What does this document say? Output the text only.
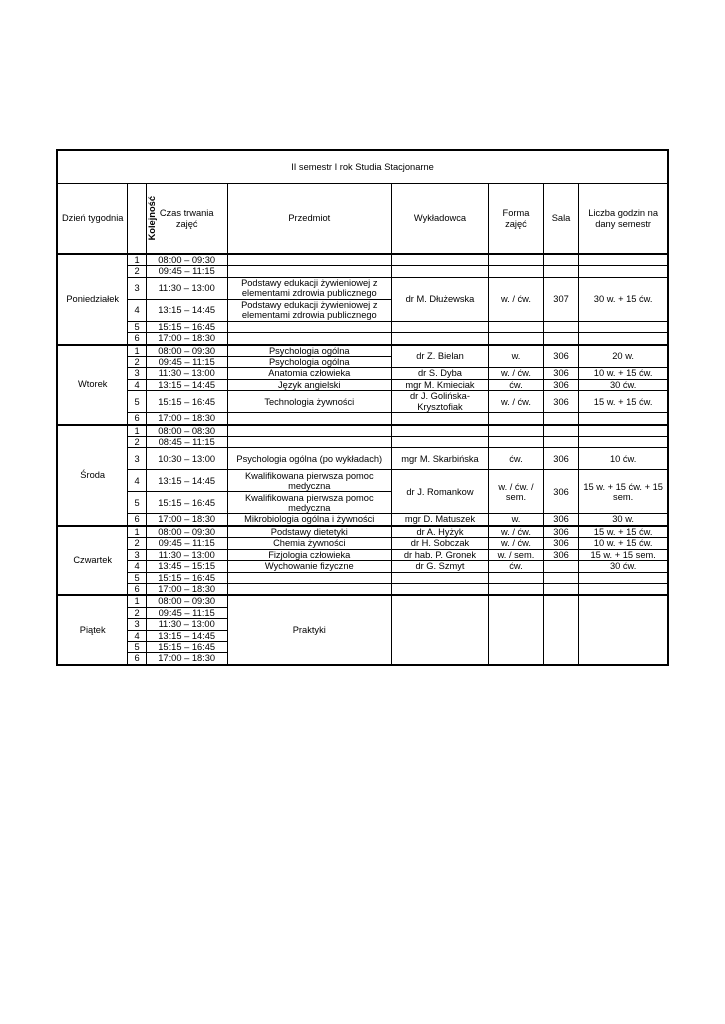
II semestr I rok Studia Stacjonarne							
Dzień tygodnia	Kolejność	Czas trwania zajęć	Przedmiot	Wykładowca	Forma zajęć	Sala	Liczba godzin na dany semestr
Poniedziałek	1	08:00 – 09:30					
	2	09:45 – 11:15					
	3	11:30 – 13:00	Podstawy edukacji żywieniowej z elementami zdrowia publicznego	dr M. Dłużewska	w. / ćw.	307	30 w. + 15 ćw.
	4	13:15 – 14:45	Podstawy edukacji żywieniowej z elementami zdrowia publicznego				
	5	15:15 – 16:45					
	6	17:00 – 18:30					
Wtorek	1	08:00 – 09:30	Psychologia ogólna	dr Z. Bielan	w.	306	20 w.
	2	09:45 – 11:15	Psychologia ogólna				
	3	11:30 – 13:00	Anatomia człowieka	dr S. Dyba	w. / ćw.	306	10 w. + 15 ćw.
	4	13:15 – 14:45	Język angielski	mgr M. Kmieciak	ćw.	306	30 ćw.
	5	15:15 – 16:45	Technologia żywności	dr J. Golińska-Krysztofiak	w. / ćw.	306	15 w. + 15 ćw.
	6	17:00 – 18:30					
Środa	1	08:00 – 08:30					
	2	08:45 – 11:15					
	3	10:30 – 13:00	Psychologia ogólna (po wykładach)	mgr M. Skarbińska	ćw.	306	10 ćw.
	4	13:15 – 14:45	Kwalifikowana pierwsza pomoc medyczna	dr J. Romankow	w. / ćw. / sem.	306	15 w. + 15 ćw. + 15 sem.
	5	15:15 – 16:45	Kwalifikowana pierwsza pomoc medyczna				
	6	17:00 – 18:30	Mikrobiologia ogólna i żywności	mgr D. Matuszek	w.	306	30 w.
Czwartek	1	08:00 – 09:30	Podstawy dietetyki	dr A. Hyżyk	w. / ćw.	306	15 w. + 15 ćw.
	2	09:45 – 11:15	Chemia żywności	dr H. Sobczak	w. / ćw.	306	10 w. + 15 ćw.
	3	11:30 – 13:00	Fizjologia człowieka	dr hab. P. Gronek	w. / sem.	306	15 w. + 15 sem.
	4	13:45 – 15:15	Wychowanie fizyczne	dr G. Szmyt	ćw.		30 ćw.
	5	15:15 – 16:45					
	6	17:00 – 18:30					
Piątek	1	08:00 – 09:30	Praktyki				
	2	09:45 – 11:15					
	3	11:30 – 13:00					
	4	13:15 – 14:45					
	5	15:15 – 16:45					
	6	17:00 – 18:30					
